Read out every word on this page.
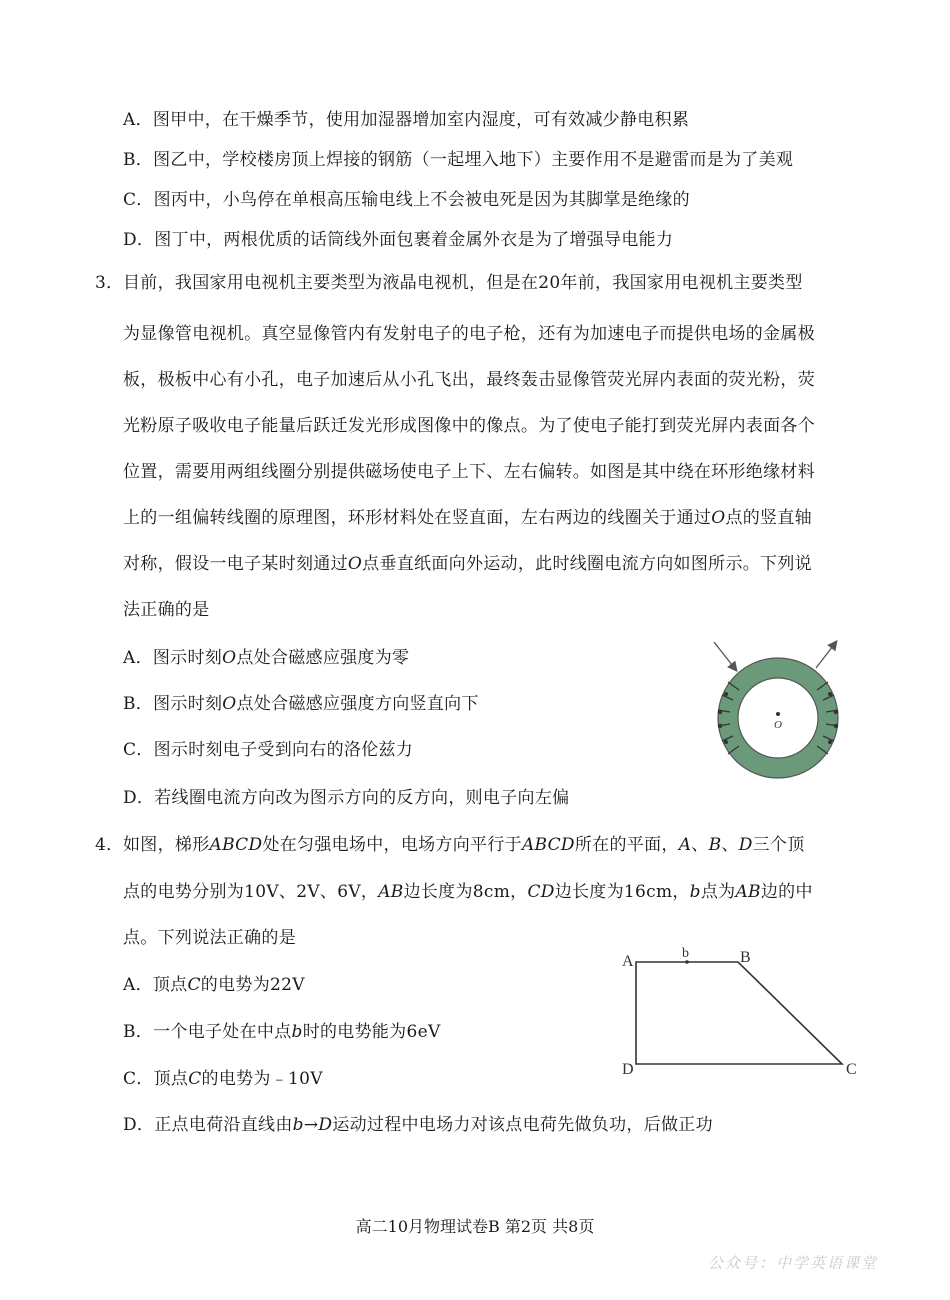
A．图甲中，在干燥季节，使用加湿器增加室内湿度，可有效减少静电积累
B．图乙中，学校楼房顶上焊接的钢筋（一起埋入地下）主要作用不是避雷而是为了美观
C．图丙中，小鸟停在单根高压输电线上不会被电死是因为其脚掌是绝缘的
D．图丁中，两根优质的话筒线外面包裹着金属外衣是为了增强导电能力
3． 目前，我国家用电视机主要类型为液晶电视机，但是在20年前，我国家用电视机主要类型
为显像管电视机。真空显像管内有发射电子的电子枪，还有为加速电子而提供电场的金属极
板，极板中心有小孔，电子加速后从小孔飞出，最终轰击显像管荧光屏内表面的荧光粉，荧
光粉原子吸收电子能量后跃迁发光形成图像中的像点。为了使电子能打到荧光屏内表面各个
位置，需要用两组线圈分别提供磁场使电子上下、左右偏转。如图是其中绕在环形绝缘材料
上的一组偏转线圈的原理图，环形材料处在竖直面，左右两边的线圈关于通过O点的竖直轴
对称，假设一电子某时刻通过O点垂直纸面向外运动，此时线圈电流方向如图所示。下列说
法正确的是
A．图示时刻O点处合磁感应强度为零
B．图示时刻O点处合磁感应强度方向竖直向下
C．图示时刻电子受到向右的洛伦兹力
D．若线圈电流方向改为图示方向的反方向，则电子向左偏
O
4． 如图，梯形ABCD处在匀强电场中，电场方向平行于ABCD所在的平面，A、B、D三个顶
点的电势分别为10V、2V、6V，AB边长度为8cm，CD边长度为16cm，b点为AB边的中
点。下列说法正确的是
A．顶点C的电势为22V
B．一个电子处在中点b时的电势能为6eV
C．顶点C的电势为﹣10V
D．正点电荷沿直线由b→D运动过程中电场力对该点电荷先做负功，后做正功
A	b	B
C
D
高二10月物理试卷B 第2页 共8页
公众号：中学英语课堂
